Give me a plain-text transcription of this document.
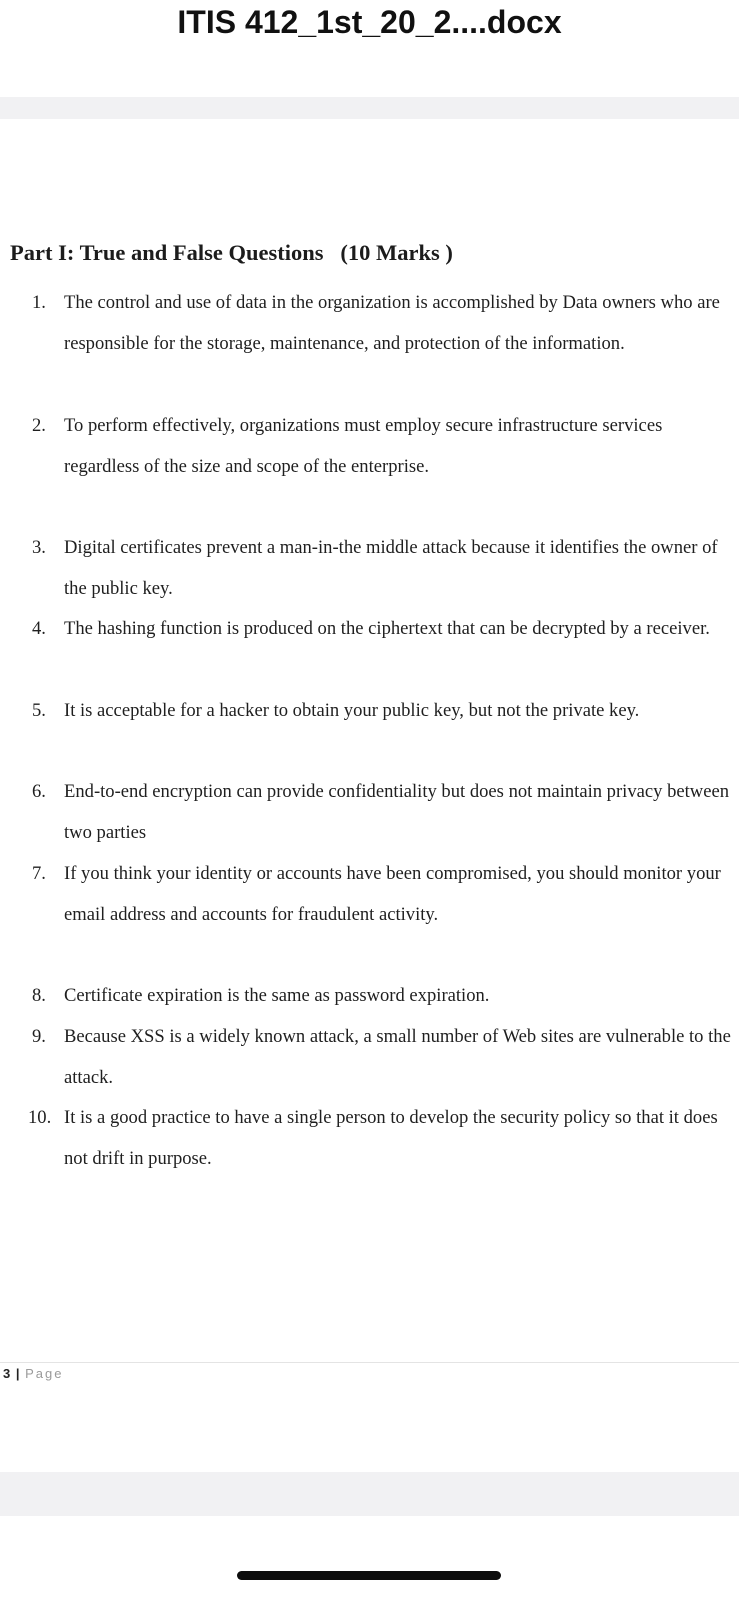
ITIS 412_1st_20_2....docx
Part I: True and False Questions   (10 Marks )
1. The control and use of data in the organization is accomplished by Data owners who are responsible for the storage, maintenance, and protection of the information.
2. To perform effectively, organizations must employ secure infrastructure services regardless of the size and scope of the enterprise.
3. Digital certificates prevent a man-in-the middle attack because it identifies the owner of the public key.
4. The hashing function is produced on the ciphertext that can be decrypted by a receiver.
5. It is acceptable for a hacker to obtain your public key, but not the private key.
6. End-to-end encryption can provide confidentiality but does not maintain privacy between two parties
7. If you think your identity or accounts have been compromised, you should monitor your email address and accounts for fraudulent activity.
8. Certificate expiration is the same as password expiration.
9. Because XSS is a widely known attack, a small number of Web sites are vulnerable to the attack.
10. It is a good practice to have a single person to develop the security policy so that it does not drift in purpose.
3 | Page
